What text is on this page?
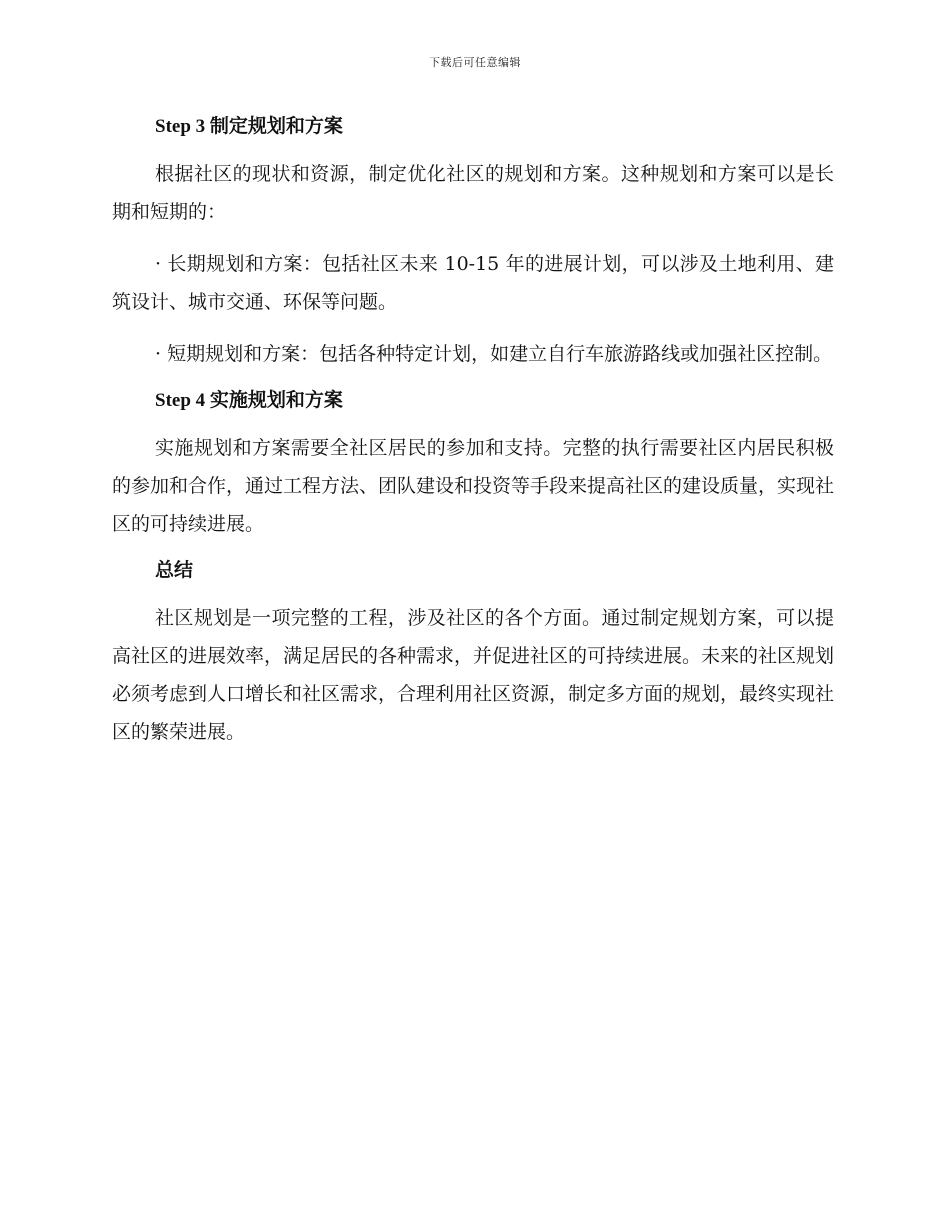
下载后可任意编辑
Step 3 制定规划和方案

根据社区的现状和资源，制定优化社区的规划和方案。这种规划和方案可以是长期和短期的：

· 长期规划和方案：包括社区未来 10-15 年的进展计划，可以涉及土地利用、建筑设计、城市交通、环保等问题。

· 短期规划和方案：包括各种特定计划，如建立自行车旅游路线或加强社区控制。

Step 4 实施规划和方案

实施规划和方案需要全社区居民的参加和支持。完整的执行需要社区内居民积极的参加和合作，通过工程方法、团队建设和投资等手段来提高社区的建设质量，实现社区的可持续进展。

总结

社区规划是一项完整的工程，涉及社区的各个方面。通过制定规划方案，可以提高社区的进展效率，满足居民的各种需求，并促进社区的可持续进展。未来的社区规划必须考虑到人口增长和社区需求，合理利用社区资源，制定多方面的规划，最终实现社区的繁荣进展。
